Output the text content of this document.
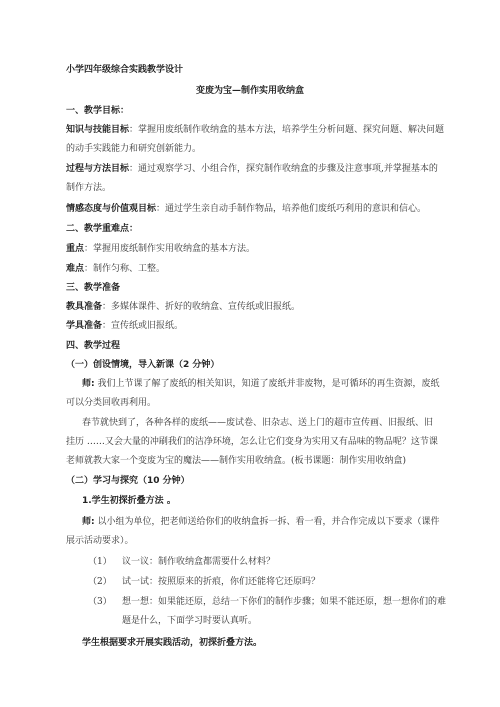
小学四年级综合实践教学设计
变废为宝—制作实用收纳盒
一、教学目标：
知识与技能目标：掌握用废纸制作收纳盒的基本方法，培养学生分析问题、探究问题、解决问题
的动手实践能力和研究创新能力。
过程与方法目标：通过观察学习、小组合作，探究制作收纳盒的步骤及注意事项,并掌握基本的
制作方法。
情感态度与价值观目标：通过学生亲自动手制作物品，培养他们废纸巧利用的意识和信心。
二、教学重难点：
重点：掌握用废纸制作实用收纳盒的基本方法。
难点：制作匀称、工整。
三、教学准备
教具准备：多媒体课件、折好的收纳盒、宣传纸或旧报纸。
学具准备：宣传纸或旧报纸。
四、教学过程
（一）创设情境，导入新课（2 分钟）
师: 我们上节课了解了废纸的相关知识，知道了废纸并非废物，是可循环的再生资源，废纸
可以分类回收再利用。
春节就快到了，各种各样的废纸——废试卷、旧杂志、送上门的超市宣传画、旧报纸、旧
挂历 ……又会大量的冲刷我们的洁净环境，怎么让它们变身为实用又有品味的物品呢？这节课
老师就教大家一个变废为宝的魔法——制作实用收纳盒。(板书课题：制作实用收纳盒)
（二）学习与探究（10 分钟）
1.学生初探折叠方法 。
师: 以小组为单位，把老师送给你们的收纳盒拆一拆、看一看，并合作完成以下要求（课件
展示活动要求）。
（1） 议一议：制作收纳盒都需要什么材料？
（2） 试一试：按照原来的折痕，你们还能将它还原吗？
（3） 想一想：如果能还原，总结一下你们的制作步骤；如果不能还原，想一想你们的难
题是什么，下面学习时要认真听。
学生根据要求开展实践活动，初探折叠方法。
